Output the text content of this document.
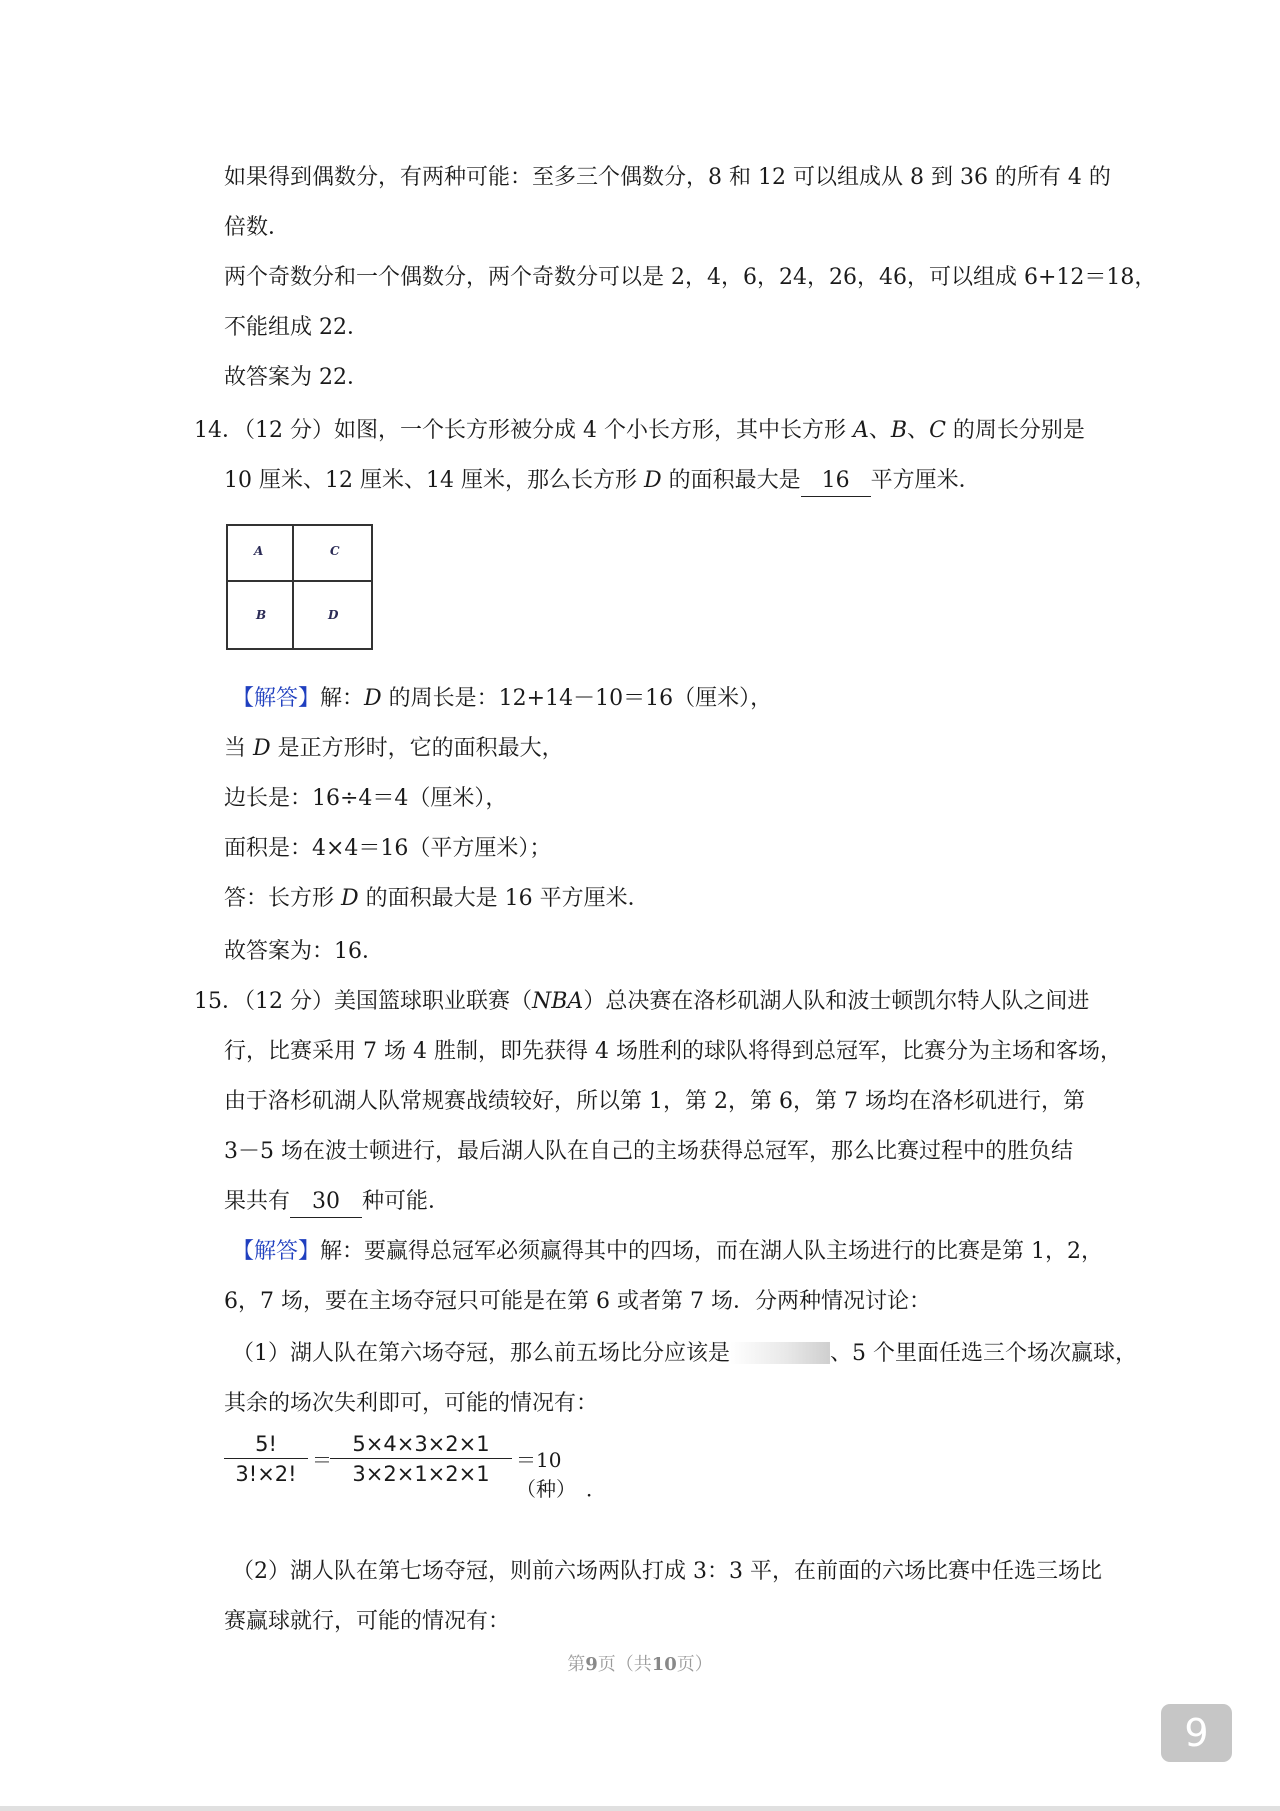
如果得到偶数分，有两种可能：至多三个偶数分，8 和 12 可以组成从 8 到 36 的所有 4 的
倍数．
两个奇数分和一个偶数分，两个奇数分可以是 2，4，6，24，26，46，可以组成 6+12＝18，
不能组成 22．
故答案为 22．
14．（12 分）如图，一个长方形被分成 4 个小长方形，其中长方形 A、B、C 的周长分别是
10 厘米、12 厘米、14 厘米，那么长方形 D 的面积最大是 16 平方厘米．
A	C
B	D
【解答】解：D 的周长是：12+14－10＝16（厘米），
当 D 是正方形时，它的面积最大，
边长是：16÷4＝4（厘米），
面积是：4×4＝16（平方厘米）；
答：长方形 D 的面积最大是 16 平方厘米．
故答案为：16．
15．（12 分）美国篮球职业联赛（NBA）总决赛在洛杉矶湖人队和波士顿凯尔特人队之间进
行，比赛采用 7 场 4 胜制，即先获得 4 场胜利的球队将得到总冠军，比赛分为主场和客场，
由于洛杉矶湖人队常规赛战绩较好，所以第 1，第 2，第 6，第 7 场均在洛杉矶进行，第
3－5 场在波士顿进行，最后湖人队在自己的主场获得总冠军，那么比赛过程中的胜负结
果共有 30 种可能．
【解答】解：要赢得总冠军必须赢得其中的四场，而在湖人队主场进行的比赛是第 1，2，
6，7 场，要在主场夺冠只可能是在第 6 或者第 7 场．分两种情况讨论：
（1）湖人队在第六场夺冠，那么前五场比分应该是	、5 个里面任选三个场次赢球，
其余的场次失利即可，可能的情况有：
$\frac{5!}{3!\times 2!}$ ＝
$\frac{5\times 4\times 3\times 2\times 1}{3\times 2\times 1\times 2\times 1} =10$（种）　．
（2）湖人队在第七场夺冠，则前六场两队打成 3：3 平，在前面的六场比赛中任选三场比
赛赢球就行，可能的情况有：
第9页（共10页）
9
